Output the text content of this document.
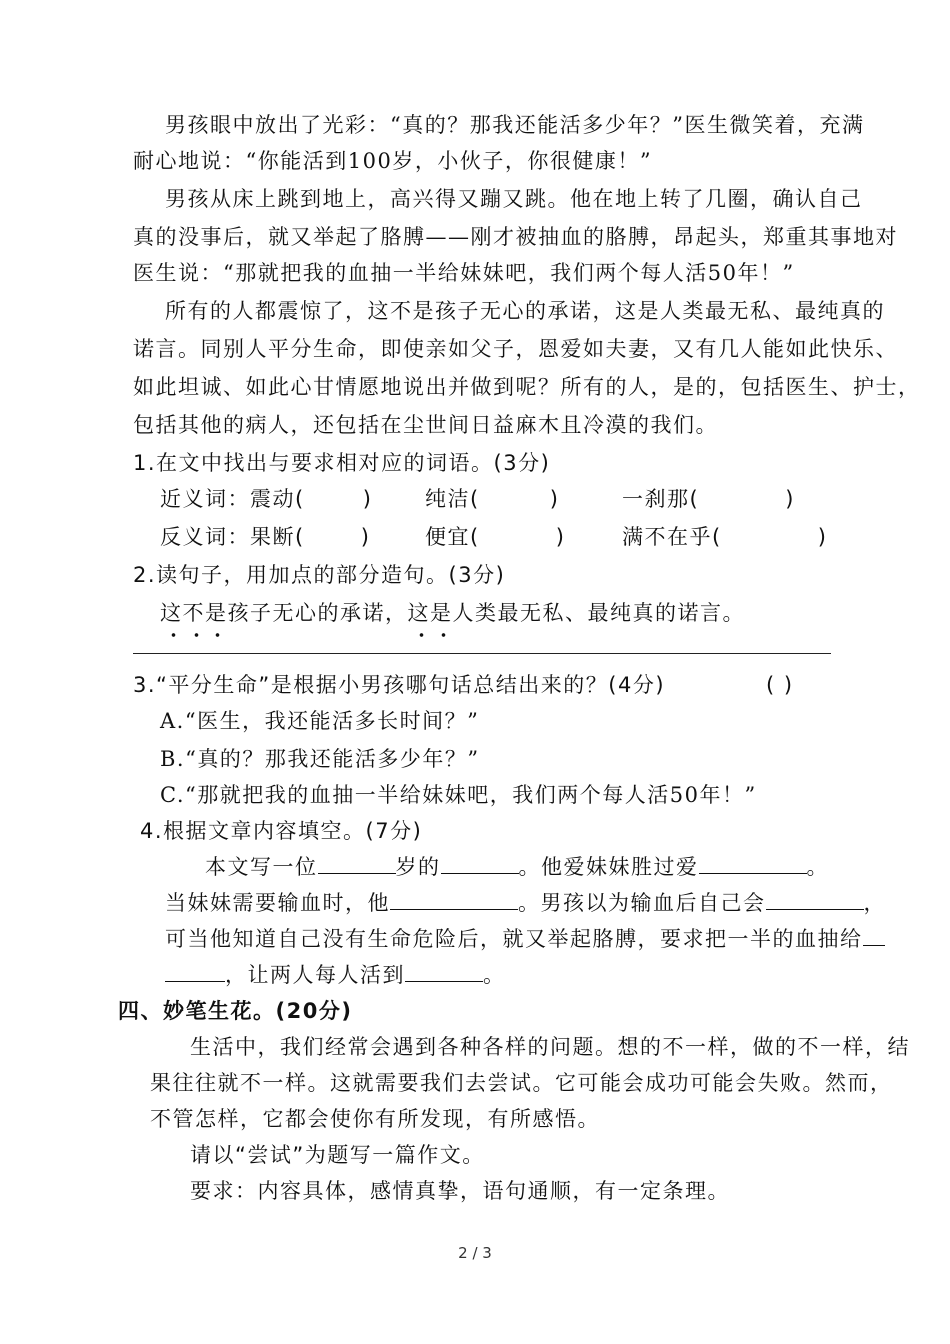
男孩眼中放出了光彩：“真的？那我还能活多少年？”医生微笑着，充满
耐心地说：“你能活到100岁，小伙子，你很健康！”
男孩从床上跳到地上，高兴得又蹦又跳。他在地上转了几圈，确认自己
真的没事后，就又举起了胳膊——刚才被抽血的胳膊，昂起头，郑重其事地对
医生说：“那就把我的血抽一半给妹妹吧，我们两个每人活50年！”
所有的人都震惊了，这不是孩子无心的承诺，这是人类最无私、最纯真的
诺言。同别人平分生命，即使亲如父子，恩爱如夫妻，又有几人能如此快乐、
如此坦诚、如此心甘情愿地说出并做到呢？所有的人，是的，包括医生、护士，
包括其他的病人，还包括在尘世间日益麻木且冷漠的我们。
1.在文中找出与要求相对应的词语。(3分)
近义词：震动(	)	纯洁(	)	一刹那(	)
反义词：果断(	)	便宜(	)	满不在乎(	)
2.读句子，用加点的部分造句。(3分)
这不是孩子无心的承诺，这是人类最无私、最纯真的诺言。
3.“平分生命”是根据小男孩哪句话总结出来的？(4分)	( )
A.“医生，我还能活多长时间？”
B.“真的？那我还能活多少年？”
C.“那就把我的血抽一半给妹妹吧，我们两个每人活50年！”
4.根据文章内容填空。(7分)
本文写一位	岁的	。他爱妹妹胜过爱	。
当妹妹需要输血时，他	。男孩以为输血后自己会	，
可当他知道自己没有生命危险后，就又举起胳膊，要求把一半的血抽给
，让两人每人活到	。
四、妙笔生花。(20分)
生活中，我们经常会遇到各种各样的问题。想的不一样，做的不一样，结
果往往就不一样。这就需要我们去尝试。它可能会成功可能会失败。然而，
不管怎样，它都会使你有所发现，有所感悟。
请以“尝试”为题写一篇作文。
要求：内容具体，感情真挚，语句通顺，有一定条理。
2 / 3
